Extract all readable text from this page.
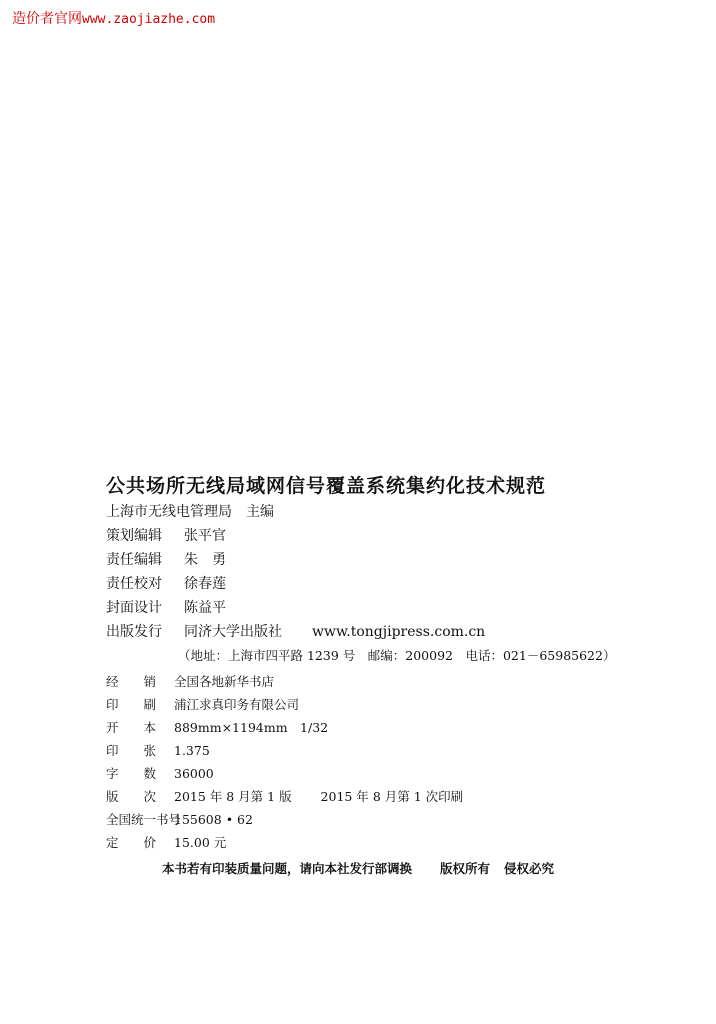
造价者官网www.zaojiazhe.com
公共场所无线局域网信号覆盖系统集约化技术规范
上海市无线电管理局　主编
策划编辑 张平官
责任编辑 朱　勇
责任校对 徐春莲
封面设计 陈益平
出版发行 同济大学出版社 www.tongjipress.com.cn
（地址：上海市四平路 1239 号　邮编：200092　电话：021－65985622）
经　　销 全国各地新华书店
印　　刷 浦江求真印务有限公司
开　　本 889mm×1194mm　1/32
印　　张 1.375
字　　数 36000
版　　次 2015 年 8 月第 1 版　　 2015 年 8 月第 1 次印刷
全国统一书号155608 • 62
定　　价 15.00 元
本书若有印装质量问题，请向本社发行部调换 版权所有 侵权必究
